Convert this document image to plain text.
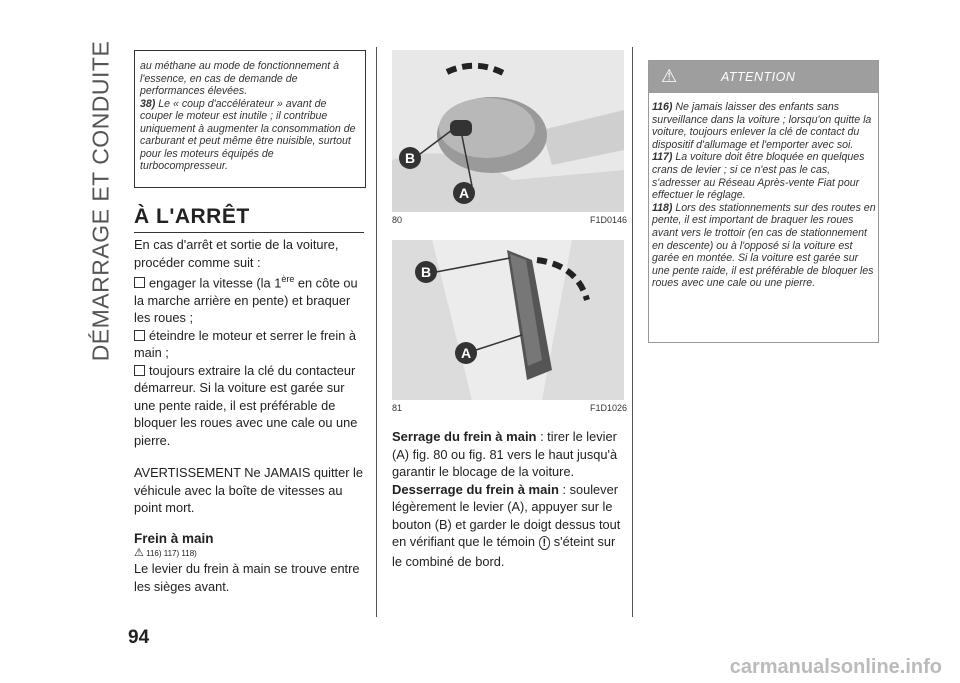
DÉMARRAGE ET CONDUITE
94

au méthane au mode de fonctionnement à l'essence, en cas de demande de performances élevées.

38) Le « coup d'accélérateur » avant de couper le moteur est inutile ; il contribue uniquement à augmenter la consommation de carburant et peut même être nuisible, surtout pour les moteurs équipés de turbocompresseur.

À L'ARRÊT

En cas d'arrêt et sortie de la voiture, procéder comme suit :

engager la vitesse (la 1ère en côte ou la marche arrière en pente) et braquer les roues ;

éteindre le moteur et serrer le frein à main ;

toujours extraire la clé du contacteur démarreur. Si la voiture est garée sur une pente raide, il est préférable de bloquer les roues avec une cale ou une pierre.

AVERTISSEMENT Ne JAMAIS quitter le véhicule avec la boîte de vitesses au point mort.

Frein à main

⚠ 116) 117) 118)

Le levier du frein à main se trouve entre les sièges avant.

B
A
80	F1D0146
B
A
81	F1D1026

Serrage du frein à main : tirer le levier (A) fig. 80 ou fig. 81 vers le haut jusqu'à garantir le blocage de la voiture.

Desserrage du frein à main : soulever légèrement le levier (A), appuyer sur le bouton (B) et garder le doigt dessus tout en vérifiant que le témoin ! s'éteint sur le combiné de bord.

⚠	ATTENTION

116) Ne jamais laisser des enfants sans surveillance dans la voiture ; lorsqu'on quitte la voiture, toujours enlever la clé de contact du dispositif d'allumage et l'emporter avec soi.

117) La voiture doit être bloquée en quelques crans de levier ; si ce n'est pas le cas, s'adresser au Réseau Après-vente Fiat pour effectuer le réglage.

118) Lors des stationnements sur des routes en pente, il est important de braquer les roues avant vers le trottoir (en cas de stationnement en descente) ou à l'opposé si la voiture est garée en montée. Si la voiture est garée sur une pente raide, il est préférable de bloquer les roues avec une cale ou une pierre.

carmanualsonline.info
